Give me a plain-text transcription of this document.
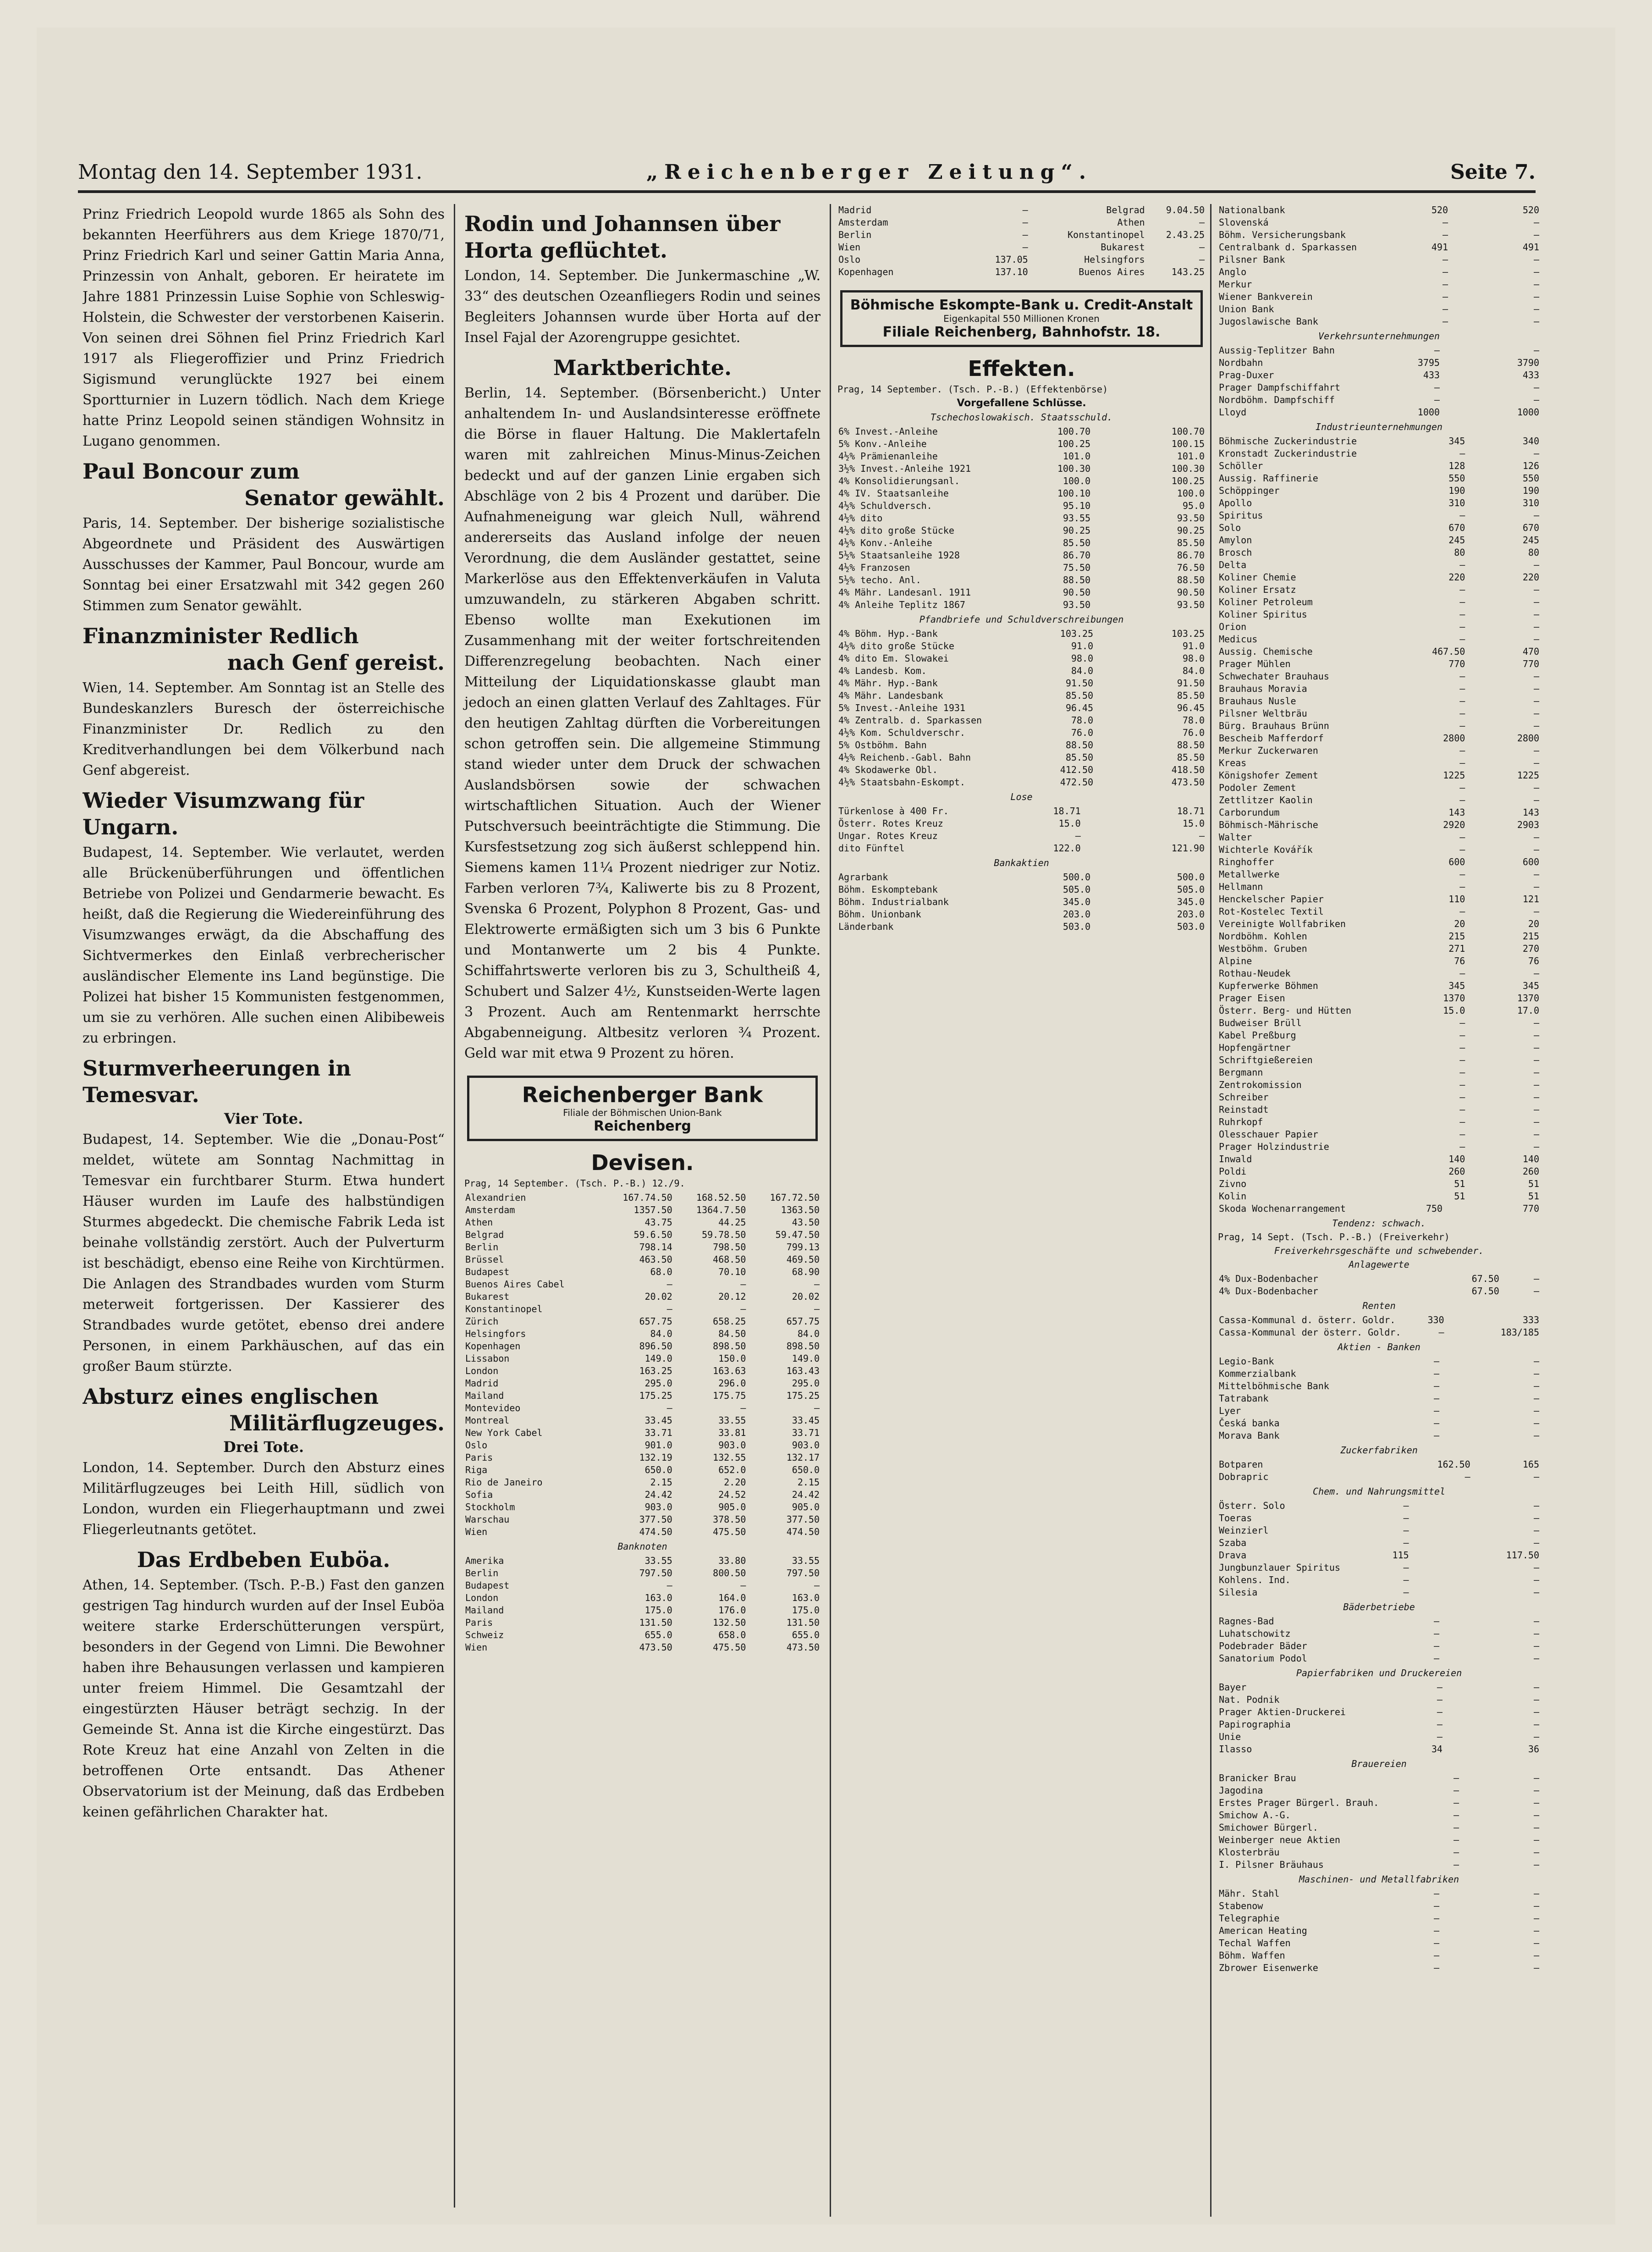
Montag den 14. September 1931.	„Reichenberger Zeitung“.	Seite 7.

Prinz Friedrich Leopold wurde 1865 als Sohn des bekannten Heerführers aus dem Kriege 1870/71, Prinz Friedrich Karl und seiner Gattin Maria Anna, Prinzessin von Anhalt, geboren. Er heiratete im Jahre 1881 Prinzessin Luise Sophie von Schleswig-Holstein, die Schwester der verstorbenen Kaiserin. Von seinen drei Söhnen fiel Prinz Friedrich Karl 1917 als Fliegeroffizier und Prinz Friedrich Sigismund verunglückte 1927 bei einem Sportturnier in Luzern tödlich. Nach dem Kriege hatte Prinz Leopold seinen ständigen Wohnsitz in Lugano genommen.

Paul Boncour zum
Senator gewählt.

Paris, 14. September. Der bisherige sozialistische Abgeordnete und Präsident des Auswärtigen Ausschusses der Kammer, Paul Boncour, wurde am Sonntag bei einer Ersatzwahl mit 342 gegen 260 Stimmen zum Senator gewählt.

Finanzminister Redlich
nach Genf gereist.

Wien, 14. September. Am Sonntag ist an Stelle des Bundeskanzlers Buresch der österreichische Finanzminister Dr. Redlich zu den Kreditverhandlungen bei dem Völkerbund nach Genf abgereist.

Wieder Visumzwang für Ungarn.

Budapest, 14. September. Wie verlautet, werden alle Brückenüberführungen und öffentlichen Betriebe von Polizei und Gendarmerie bewacht. Es heißt, daß die Regierung die Wiedereinführung des Visumzwanges erwägt, da die Abschaffung des Sichtvermerkes den Einlaß verbrecherischer ausländischer Elemente ins Land begünstige. Die Polizei hat bisher 15 Kommunisten festgenommen, um sie zu verhören. Alle suchen einen Alibibeweis zu erbringen.

Sturmverheerungen in Temesvar.
Vier Tote.

Budapest, 14. September. Wie die „Donau-Post“ meldet, wütete am Sonntag Nachmittag in Temesvar ein furchtbarer Sturm. Etwa hundert Häuser wurden im Laufe des halbstündigen Sturmes abgedeckt. Die chemische Fabrik Leda ist beinahe vollständig zerstört. Auch der Pulverturm ist beschädigt, ebenso eine Reihe von Kirchtürmen. Die Anlagen des Strandbades wurden vom Sturm meterweit fortgerissen. Der Kassierer des Strandbades wurde getötet, ebenso drei andere Personen, in einem Parkhäuschen, auf das ein großer Baum stürzte.

Absturz eines englischen
Militärflugzeuges.
Drei Tote.

London, 14. September. Durch den Absturz eines Militärflugzeuges bei Leith Hill, südlich von London, wurden ein Fliegerhauptmann und zwei Fliegerleutnants getötet.

Das Erdbeben Euböa.

Athen, 14. September. (Tsch. P.-B.) Fast den ganzen gestrigen Tag hindurch wurden auf der Insel Euböa weitere starke Erderschütterungen verspürt, besonders in der Gegend von Limni. Die Bewohner haben ihre Behausungen verlassen und kampieren unter freiem Himmel. Die Gesamtzahl der eingestürzten Häuser beträgt sechzig. In der Gemeinde St. Anna ist die Kirche eingestürzt. Das Rote Kreuz hat eine Anzahl von Zelten in die betroffenen Orte entsandt. Das Athener Observatorium ist der Meinung, daß das Erdbeben keinen gefährlichen Charakter hat.

Rodin und Johannsen über Horta geflüchtet.

London, 14. September. Die Junkermaschine „W. 33“ des deutschen Ozeanfliegers Rodin und seines Begleiters Johannsen wurde über Horta auf der Insel Fajal der Azorengruppe gesichtet.

Marktberichte.

Berlin, 14. September. (Börsenbericht.) Unter anhaltendem In- und Auslandsinteresse eröffnete die Börse in flauer Haltung. Die Maklertafeln waren mit zahlreichen Minus-Minus-Zeichen bedeckt und auf der ganzen Linie ergaben sich Abschläge von 2 bis 4 Prozent und darüber. Die Aufnahmeneigung war gleich Null, während andererseits das Ausland infolge der neuen Verordnung, die dem Ausländer gestattet, seine Markerlöse aus den Effektenverkäufen in Valuta umzuwandeln, zu stärkeren Abgaben schritt. Ebenso wollte man Exekutionen im Zusammenhang mit der weiter fortschreitenden Differenzregelung beobachten. Nach einer Mitteilung der Liquidationskasse glaubt man jedoch an einen glatten Verlauf des Zahltages. Für den heutigen Zahltag dürften die Vorbereitungen schon getroffen sein. Die allgemeine Stimmung stand wieder unter dem Druck der schwachen Auslandsbörsen sowie der schwachen wirtschaftlichen Situation. Auch der Wiener Putschversuch beeinträchtigte die Stimmung. Die Kursfestsetzung zog sich äußerst schleppend hin. Siemens kamen 11¼ Prozent niedriger zur Notiz. Farben verloren 7¾, Kaliwerte bis zu 8 Prozent, Svenska 6 Prozent, Polyphon 8 Prozent, Gas- und Elektrowerte ermäßigten sich um 3 bis 6 Punkte und Montanwerte um 2 bis 4 Punkte. Schiffahrtswerte verloren bis zu 3, Schultheiß 4, Schubert und Salzer 4½, Kunstseiden-Werte lagen 3 Prozent. Auch am Rentenmarkt herrschte Abgabenneigung. Altbesitz verloren ¾ Prozent. Geld war mit etwa 9 Prozent zu hören.

Reichenberger Bank
Filiale der Böhmischen Union-Bank
Reichenberg
Devisen.
Prag, 14 September. (Tsch. P.-B.) 12./9.
Alexandrien	167.74.50	168.52.50	167.72.50
Amsterdam	1357.50	1364.7.50	1363.50
Athen	43.75	44.25	43.50
Belgrad	59.6.50	59.78.50	59.47.50
Berlin	798.14	798.50	799.13
Brüssel	463.50	468.50	469.50
Budapest	68.0	70.10	68.90
Buenos Aires Cabel	—	—	—
Bukarest	20.02	20.12	20.02
Konstantinopel	—	—	—
Zürich	657.75	658.25	657.75
Helsingfors	84.0	84.50	84.0
Kopenhagen	896.50	898.50	898.50
Lissabon	149.0	150.0	149.0
London	163.25	163.63	163.43
Madrid	295.0	296.0	295.0
Mailand	175.25	175.75	175.25
Montevideo	—	—	—
Montreal	33.45	33.55	33.45
New York Cabel	33.71	33.81	33.71
Oslo	901.0	903.0	903.0
Paris	132.19	132.55	132.17
Riga	650.0	652.0	650.0
Rio de Janeiro	2.15	2.20	2.15
Sofia	24.42	24.52	24.42
Stockholm	903.0	905.0	905.0
Warschau	377.50	378.50	377.50
Wien	474.50	475.50	474.50
Banknoten
Amerika	33.55	33.80	33.55
Berlin	797.50	800.50	797.50
Budapest	—	—	—
London	163.0	164.0	163.0
Mailand	175.0	176.0	175.0
Paris	131.50	132.50	131.50
Schweiz	655.0	658.0	655.0
Wien	473.50	475.50	473.50
Madrid	—	Belgrad	9.04.50
Amsterdam	—	Athen	—
Berlin	—	Konstantinopel	2.43.25
Wien	—	Bukarest	—
Oslo	137.05	Helsingfors	—
Kopenhagen	137.10	Buenos Aires	143.25
Böhmische Eskompte-Bank u. Credit-Anstalt
Eigenkapital 550 Millionen Kronen
Filiale Reichenberg, Bahnhofstr. 18.
Effekten.
Prag, 14 September. (Tsch. P.-B.) (Effektenbörse)
Vorgefallene Schlüsse.
Tschechoslowakisch. Staatsschuld.
6% Invest.-Anleihe	100.70	100.70
5% Konv.-Anleihe	100.25	100.15
4½% Prämienanleihe	101.0	101.0
3½% Invest.-Anleihe 1921	100.30	100.30
4% Konsolidierungsanl.	100.0	100.25
4% IV. Staatsanleihe	100.10	100.0
4½% Schuldversch.	95.10	95.0
4½% dito	93.55	93.50
4½% dito große Stücke	90.25	90.25
4½% Konv.-Anleihe	85.50	85.50
5½% Staatsanleihe 1928	86.70	86.70
4½% Franzosen	75.50	76.50
5½% techo. Anl.	88.50	88.50
4% Mähr. Landesanl. 1911	90.50	90.50
4% Anleihe Teplitz 1867	93.50	93.50
Pfandbriefe und Schuldverschreibungen
4% Böhm. Hyp.-Bank	103.25	103.25
4½% dito große Stücke	91.0	91.0
4% dito Em. Slowakei	98.0	98.0
4% Landesb. Kom.	84.0	84.0
4% Mähr. Hyp.-Bank	91.50	91.50
4% Mähr. Landesbank	85.50	85.50
5% Invest.-Anleihe 1931	96.45	96.45
4% Zentralb. d. Sparkassen	78.0	78.0
4½% Kom. Schuldverschr.	76.0	76.0
5% Ostböhm. Bahn	88.50	88.50
4½% Reichenb.-Gabl. Bahn	85.50	85.50
4% Skodawerke Obl.	412.50	418.50
4½% Staatsbahn-Eskompt.	472.50	473.50
Lose
Türkenlose à 400 Fr.	18.71	18.71
Österr. Rotes Kreuz	15.0	15.0
Ungar. Rotes Kreuz	—	—
dito Fünftel	122.0	121.90
Bankaktien
Agrarbank	500.0	500.0
Böhm. Eskomptebank	505.0	505.0
Böhm. Industrialbank	345.0	345.0
Böhm. Unionbank	203.0	203.0
Länderbank	503.0	503.0
Nationalbank	520	520
Slovenská	—	—
Böhm. Versicherungsbank	—	—
Centralbank d. Sparkassen	491	491
Pilsner Bank	—	—
Anglo	—	—
Merkur	—	—
Wiener Bankverein	—	—
Union Bank	—	—
Jugoslawische Bank	—	—
Verkehrsunternehmungen
Aussig-Teplitzer Bahn	—	—
Nordbahn	3795	3790
Prag-Duxer	433	433
Prager Dampfschiffahrt	—	—
Nordböhm. Dampfschiff	—	—
Lloyd	1000	1000
Industrieunternehmungen
Böhmische Zuckerindustrie	345	340
Kronstadt Zuckerindustrie	—	—
Schöller	128	126
Aussig. Raffinerie	550	550
Schöppinger	190	190
Apollo	310	310
Spiritus	—	—
Solo	670	670
Amylon	245	245
Brosch	80	80
Delta	—	—
Koliner Chemie	220	220
Koliner Ersatz	—	—
Koliner Petroleum	—	—
Koliner Spiritus	—	—
Orion	—	—
Medicus	—	—
Aussig. Chemische	467.50	470
Prager Mühlen	770	770
Schwechater Brauhaus	—	—
Brauhaus Moravia	—	—
Brauhaus Nusle	—	—
Pilsner Weltbräu	—	—
Bürg. Brauhaus Brünn	—	—
Bescheib Mafferdorf	2800	2800
Merkur Zuckerwaren	—	—
Kreas	—	—
Königshofer Zement	1225	1225
Podoler Zement	—	—
Zettlitzer Kaolin	—	—
Carborundum	143	143
Böhmisch-Mährische	2920	2903
Walter	—	—
Wichterle Kovářík	—	—
Ringhoffer	600	600
Metallwerke	—	—
Hellmann	—	—
Henckelscher Papier	110	121
Rot-Kostelec Textil	—	—
Vereinigte Wollfabriken	20	20
Nordböhm. Kohlen	215	215
Westböhm. Gruben	271	270
Alpine	76	76
Rothau-Neudek	—	—
Kupferwerke Böhmen	345	345
Prager Eisen	1370	1370
Österr. Berg- und Hütten	15.0	17.0
Budweiser Brüll	—	—
Kabel Preßburg	—	—
Hopfengärtner	—	—
Schriftgießereien	—	—
Bergmann	—	—
Zentrokomission	—	—
Schreiber	—	—
Reinstadt	—	—
Ruhrkopf	—	—
Olesschauer Papier	—	—
Prager Holzindustrie	—	—
Inwald	140	140
Poldi	260	260
Zivno	51	51
Kolin	51	51
Skoda Wochenarrangement	750	770
Tendenz: schwach.
Prag, 14 Sept. (Tsch. P.-B.) (Freiverkehr)
Freiverkehrsgeschäfte und schwebender.
Anlagewerte
4% Dux-Bodenbacher	67.50	—
4% Dux-Bodenbacher	67.50	—
Renten
Cassa-Kommunal d. österr. Goldr.	330	333
Cassa-Kommunal der österr. Goldr.	—	183/185
Aktien - Banken
Legio-Bank	—	—
Kommerzialbank	—	—
Mittelböhmische Bank	—	—
Tatrabank	—	—
Lyer	—	—
Česká banka	—	—
Morava Bank	—	—
Zuckerfabriken
Botparen	162.50	165
Dobrapric	—	—
Chem. und Nahrungsmittel
Österr. Solo	—	—
Toeras	—	—
Weinzierl	—	—
Szaba	—	—
Drava	115	117.50
Jungbunzlauer Spiritus	—	—
Kohlens. Ind.	—	—
Silesia	—	—
Bäderbetriebe
Ragnes-Bad	—	—
Luhatschowitz	—	—
Podebrader Bäder	—	—
Sanatorium Podol	—	—
Papierfabriken und Druckereien
Bayer	—	—
Nat. Podnik	—	—
Prager Aktien-Druckerei	—	—
Papirographia	—	—
Unie	—	—
Ilasso	34	36
Brauereien
Branicker Brau	—	—
Jagodina	—	—
Erstes Prager Bürgerl. Brauh.	—	—
Smichow A.-G.	—	—
Smichower Bürgerl.	—	—
Weinberger neue Aktien	—	—
Klosterbräu	—	—
I. Pilsner Bräuhaus	—	—
Maschinen- und Metallfabriken
Mähr. Stahl	—	—
Stabenow	—	—
Telegraphie	—	—
American Heating	—	—
Techal Waffen	—	—
Böhm. Waffen	—	—
Zbrower Eisenwerke	—	—
